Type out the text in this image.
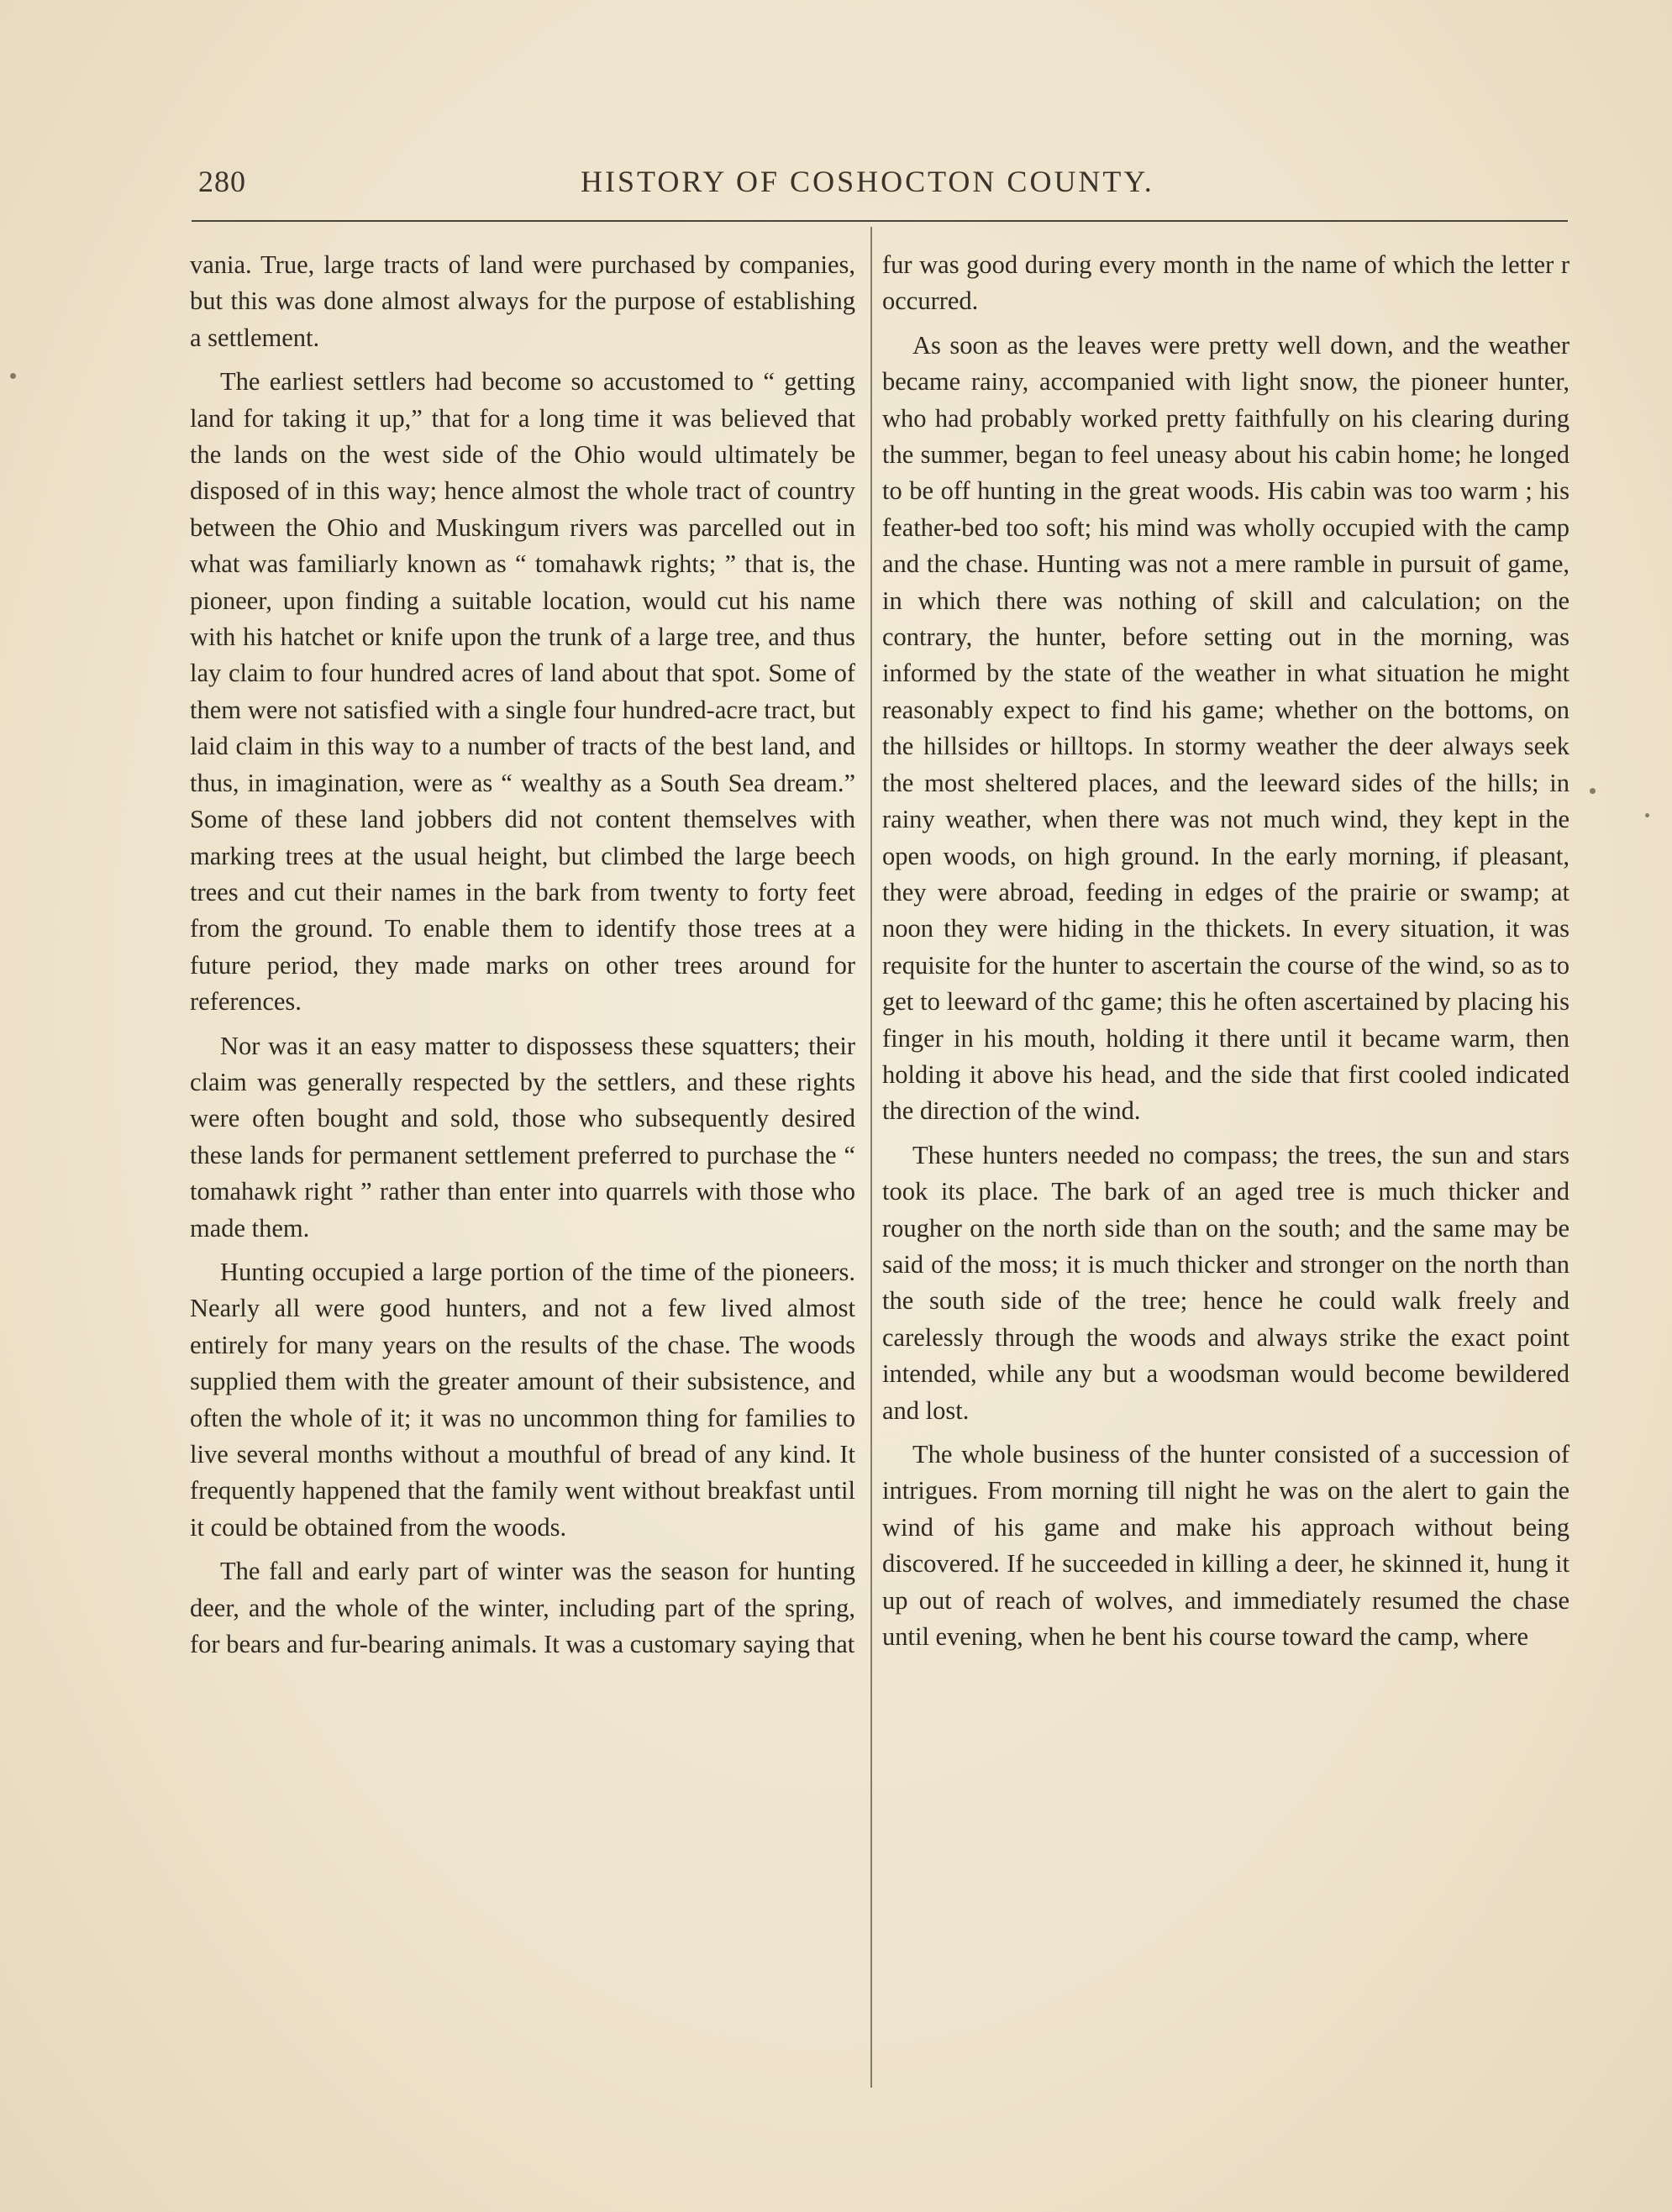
280	HISTORY OF COSHOCTON COUNTY.

vania. True, large tracts of land were purchased by companies, but this was done almost always for the purpose of establishing a settlement.

The earliest settlers had become so accustomed to “ getting land for taking it up,” that for a long time it was believed that the lands on the west side of the Ohio would ultimately be disposed of in this way; hence almost the whole tract of country between the Ohio and Muskingum rivers was parcelled out in what was familiarly known as “ tomahawk rights; ” that is, the pioneer, upon finding a suitable location, would cut his name with his hatchet or knife upon the trunk of a large tree, and thus lay claim to four hundred acres of land about that spot. Some of them were not satisfied with a single four hundred-acre tract, but laid claim in this way to a number of tracts of the best land, and thus, in imagination, were as “ wealthy as a South Sea dream.” Some of these land jobbers did not content themselves with marking trees at the usual height, but climbed the large beech trees and cut their names in the bark from twenty to forty feet from the ground. To enable them to identify those trees at a future period, they made marks on other trees around for references.

Nor was it an easy matter to dispossess these squatters; their claim was generally respected by the settlers, and these rights were often bought and sold, those who subsequently desired these lands for permanent settlement preferred to purchase the “ tomahawk right ” rather than enter into quarrels with those who made them.

Hunting occupied a large portion of the time of the pioneers. Nearly all were good hunters, and not a few lived almost entirely for many years on the results of the chase. The woods supplied them with the greater amount of their subsistence, and often the whole of it; it was no uncommon thing for families to live several months without a mouthful of bread of any kind. It frequently happened that the family went without breakfast until it could be obtained from the woods.

The fall and early part of winter was the season for hunting deer, and the whole of the winter, including part of the spring, for bears and fur-bearing animals. It was a customary saying that

fur was good during every month in the name of which the letter r occurred.

As soon as the leaves were pretty well down, and the weather became rainy, accompanied with light snow, the pioneer hunter, who had probably worked pretty faithfully on his clearing during the summer, began to feel uneasy about his cabin home; he longed to be off hunting in the great woods. His cabin was too warm ; his feather-bed too soft; his mind was wholly occupied with the camp and the chase. Hunting was not a mere ramble in pursuit of game, in which there was nothing of skill and calculation; on the contrary, the hunter, before setting out in the morning, was informed by the state of the weather in what situation he might reasonably expect to find his game; whether on the bottoms, on the hillsides or hilltops. In stormy weather the deer always seek the most sheltered places, and the leeward sides of the hills; in rainy weather, when there was not much wind, they kept in the open woods, on high ground. In the early morning, if pleasant, they were abroad, feeding in edges of the prairie or swamp; at noon they were hiding in the thickets. In every situation, it was requisite for the hunter to ascertain the course of the wind, so as to get to leeward of thc game; this he often ascertained by placing his finger in his mouth, holding it there until it became warm, then holding it above his head, and the side that first cooled indicated the direction of the wind.

These hunters needed no compass; the trees, the sun and stars took its place. The bark of an aged tree is much thicker and rougher on the north side than on the south; and the same may be said of the moss; it is much thicker and stronger on the north than the south side of the tree; hence he could walk freely and carelessly through the woods and always strike the exact point intended, while any but a woodsman would become bewildered and lost.

The whole business of the hunter consisted of a succession of intrigues. From morning till night he was on the alert to gain the wind of his game and make his approach without being discovered. If he succeeded in killing a deer, he skinned it, hung it up out of reach of wolves, and immediately resumed the chase until evening, when he bent his course toward the camp, where
